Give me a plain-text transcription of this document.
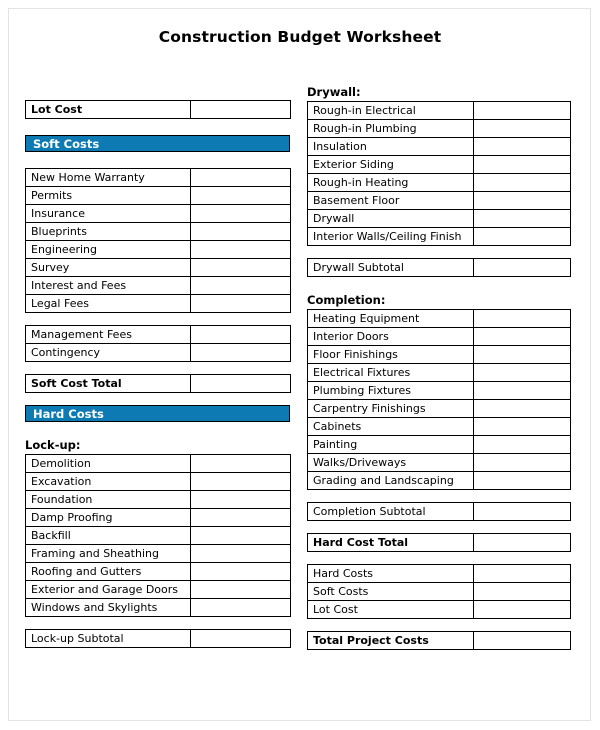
Construction Budget Worksheet
Lot Cost	
Soft Costs
New Home Warranty	
Permits	
Insurance	
Blueprints	
Engineering	
Survey	
Interest and Fees	
Legal Fees	
Management Fees	
Contingency	
Soft Cost Total	
Hard Costs
Lock-up:
Demolition	
Excavation	
Foundation	
Damp Proofing	
Backfill	
Framing and Sheathing	
Roofing and Gutters	
Exterior and Garage Doors	
Windows and Skylights	
Lock-up Subtotal	
Drywall:
Rough-in Electrical	
Rough-in Plumbing	
Insulation	
Exterior Siding	
Rough-in Heating	
Basement Floor	
Drywall	
Interior Walls/Ceiling Finish	
Drywall Subtotal	
Completion:
Heating Equipment	
Interior Doors	
Floor Finishings	
Electrical Fixtures	
Plumbing Fixtures	
Carpentry Finishings	
Cabinets	
Painting	
Walks/Driveways	
Grading and Landscaping	
Completion Subtotal	
Hard Cost Total	
Hard Costs	
Soft Costs	
Lot Cost	
Total Project Costs	
